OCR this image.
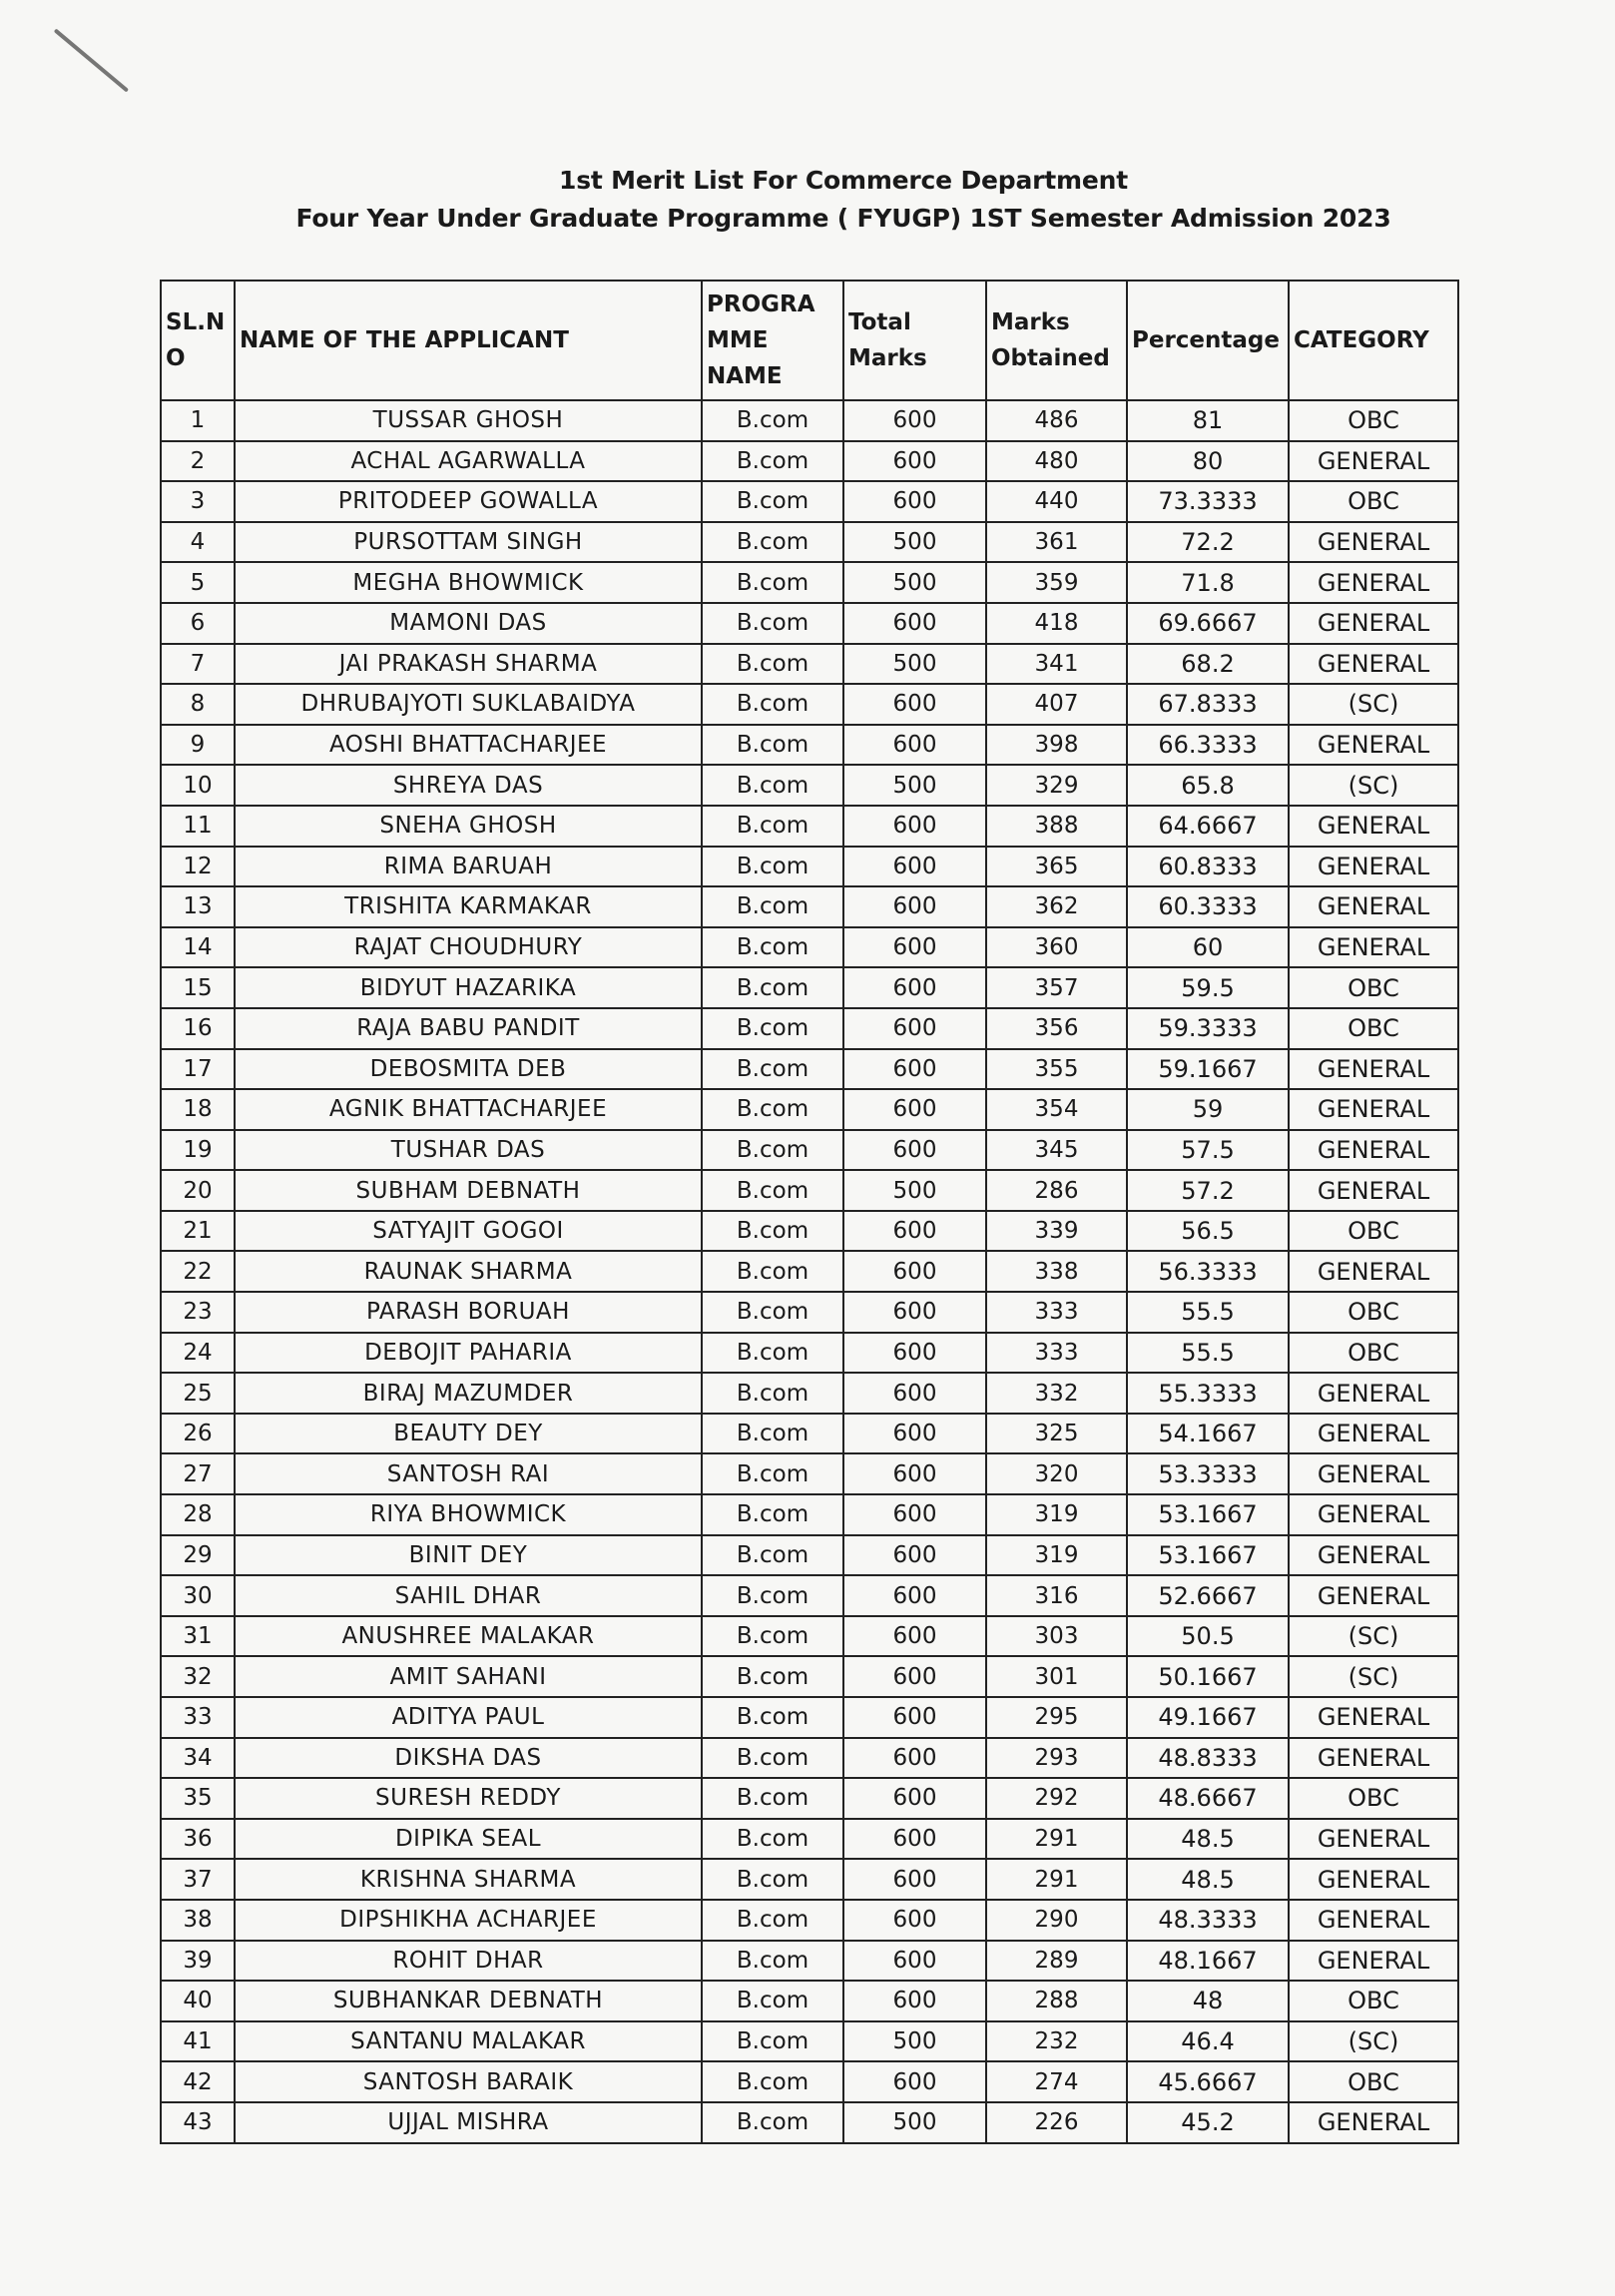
1st Merit List For Commerce Department
Four Year Under Graduate Programme ( FYUGP) 1ST Semester Admission 2023
SL.N O	NAME OF THE APPLICANT	PROGRA MME NAME	Total Marks	Marks Obtained	Percentage	CATEGORY
1	TUSSAR GHOSH	B.com	600	486	81	OBC
2	ACHAL AGARWALLA	B.com	600	480	80	GENERAL
3	PRITODEEP GOWALLA	B.com	600	440	73.3333	OBC
4	PURSOTTAM SINGH	B.com	500	361	72.2	GENERAL
5	MEGHA BHOWMICK	B.com	500	359	71.8	GENERAL
6	MAMONI DAS	B.com	600	418	69.6667	GENERAL
7	JAI PRAKASH SHARMA	B.com	500	341	68.2	GENERAL
8	DHRUBAJYOTI SUKLABAIDYA	B.com	600	407	67.8333	(SC)
9	AOSHI BHATTACHARJEE	B.com	600	398	66.3333	GENERAL
10	SHREYA DAS	B.com	500	329	65.8	(SC)
11	SNEHA GHOSH	B.com	600	388	64.6667	GENERAL
12	RIMA BARUAH	B.com	600	365	60.8333	GENERAL
13	TRISHITA KARMAKAR	B.com	600	362	60.3333	GENERAL
14	RAJAT CHOUDHURY	B.com	600	360	60	GENERAL
15	BIDYUT HAZARIKA	B.com	600	357	59.5	OBC
16	RAJA BABU PANDIT	B.com	600	356	59.3333	OBC
17	DEBOSMITA DEB	B.com	600	355	59.1667	GENERAL
18	AGNIK BHATTACHARJEE	B.com	600	354	59	GENERAL
19	TUSHAR DAS	B.com	600	345	57.5	GENERAL
20	SUBHAM DEBNATH	B.com	500	286	57.2	GENERAL
21	SATYAJIT GOGOI	B.com	600	339	56.5	OBC
22	RAUNAK SHARMA	B.com	600	338	56.3333	GENERAL
23	PARASH BORUAH	B.com	600	333	55.5	OBC
24	DEBOJIT PAHARIA	B.com	600	333	55.5	OBC
25	BIRAJ MAZUMDER	B.com	600	332	55.3333	GENERAL
26	BEAUTY DEY	B.com	600	325	54.1667	GENERAL
27	SANTOSH RAI	B.com	600	320	53.3333	GENERAL
28	RIYA BHOWMICK	B.com	600	319	53.1667	GENERAL
29	BINIT DEY	B.com	600	319	53.1667	GENERAL
30	SAHIL DHAR	B.com	600	316	52.6667	GENERAL
31	ANUSHREE MALAKAR	B.com	600	303	50.5	(SC)
32	AMIT SAHANI	B.com	600	301	50.1667	(SC)
33	ADITYA PAUL	B.com	600	295	49.1667	GENERAL
34	DIKSHA DAS	B.com	600	293	48.8333	GENERAL
35	SURESH REDDY	B.com	600	292	48.6667	OBC
36	DIPIKA SEAL	B.com	600	291	48.5	GENERAL
37	KRISHNA SHARMA	B.com	600	291	48.5	GENERAL
38	DIPSHIKHA ACHARJEE	B.com	600	290	48.3333	GENERAL
39	ROHIT DHAR	B.com	600	289	48.1667	GENERAL
40	SUBHANKAR DEBNATH	B.com	600	288	48	OBC
41	SANTANU MALAKAR	B.com	500	232	46.4	(SC)
42	SANTOSH BARAIK	B.com	600	274	45.6667	OBC
43	UJJAL MISHRA	B.com	500	226	45.2	GENERAL
